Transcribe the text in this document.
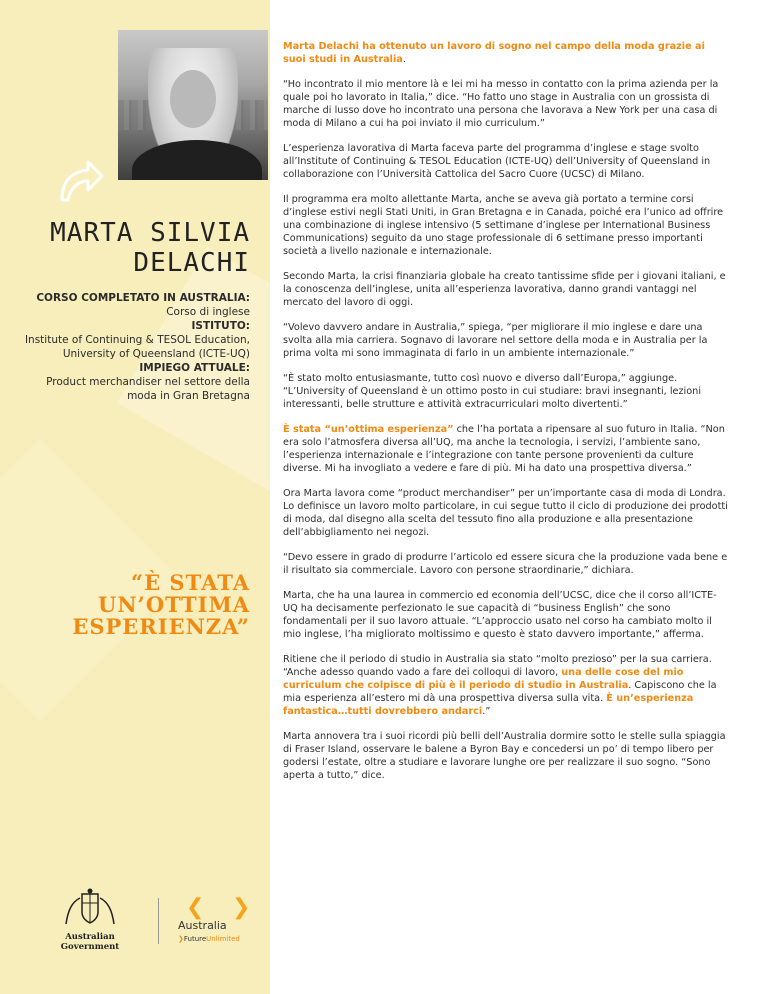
MARTA SILVIA
DELACHI
CORSO COMPLETATO IN AUSTRALIA:
Corso di inglese
ISTITUTO:
Institute of Continuing & TESOL Education, University of Queensland (ICTE-UQ)
IMPIEGO ATTUALE:
Product merchandiser nel settore della moda in Gran Bretagna
“È STATA
UN’OTTIMA
ESPERIENZA”
Australian Government
❮ ❯
Australia
❯FutureUnlimited

Marta Delachi ha ottenuto un lavoro di sogno nel campo della moda grazie ai suoi studi in Australia.

“Ho incontrato il mio mentore là e lei mi ha messo in contatto con la prima azienda per la quale poi ho lavorato in Italia,” dice. “Ho fatto uno stage in Australia con un grossista di marche di lusso dove ho incontrato una persona che lavorava a New York per una casa di moda di Milano a cui ha poi inviato il mio curriculum.”

L’esperienza lavorativa di Marta faceva parte del programma d’inglese e stage svolto all’Institute of Continuing & TESOL Education (ICTE-UQ) dell’University of Queensland in collaborazione con l’Università Cattolica del Sacro Cuore (UCSC) di Milano.

Il programma era molto allettante Marta, anche se aveva già portato a termine corsi d’inglese estivi negli Stati Uniti, in Gran Bretagna e in Canada, poiché era l’unico ad offrire una combinazione di inglese intensivo (5 settimane d’inglese per International Business Communications) seguito da uno stage professionale di 6 settimane presso importanti società a livello nazionale e internazionale.

Secondo Marta, la crisi finanziaria globale ha creato tantissime sfide per i giovani italiani, e la conoscenza dell’inglese, unita all’esperienza lavorativa, danno grandi vantaggi nel mercato del lavoro di oggi.

“Volevo davvero andare in Australia,” spiega, “per migliorare il mio inglese e dare una svolta alla mia carriera. Sognavo di lavorare nel settore della moda e in Australia per la prima volta mi sono immaginata di farlo in un ambiente internazionale.”

“È stato molto entusiasmante, tutto così nuovo e diverso dall’Europa,” aggiunge.
“L’University of Queensland è un ottimo posto in cui studiare: bravi insegnanti, lezioni interessanti, belle strutture e attività extracurriculari molto divertenti.”

È stata “un’ottima esperienza” che l’ha portata a ripensare al suo futuro in Italia. “Non era solo l’atmosfera diversa all’UQ, ma anche la tecnologia, i servizi, l’ambiente sano, l’esperienza internazionale e l’integrazione con tante persone provenienti da culture diverse. Mi ha invogliato a vedere e fare di più. Mi ha dato una prospettiva diversa.”

Ora Marta lavora come “product merchandiser” per un’importante casa di moda di Londra. Lo definisce un lavoro molto particolare, in cui segue tutto il ciclo di produzione dei prodotti di moda, dal disegno alla scelta del tessuto fino alla produzione e alla presentazione dell’abbigliamento nei negozi.

“Devo essere in grado di produrre l’articolo ed essere sicura che la produzione vada bene e il risultato sia commerciale. Lavoro con persone straordinarie,” dichiara.

Marta, che ha una laurea in commercio ed economia dell’UCSC, dice che il corso all’ICTE-UQ ha decisamente perfezionato le sue capacità di “business English” che sono fondamentali per il suo lavoro attuale. “L’approccio usato nel corso ha cambiato molto il mio inglese, l’ha migliorato moltissimo e questo è stato davvero importante,” afferma.

Ritiene che il periodo di studio in Australia sia stato “molto prezioso” per la sua carriera. “Anche adesso quando vado a fare dei colloqui di lavoro, una delle cose del mio curriculum che colpisce di più è il periodo di studio in Australia. Capiscono che la mia esperienza all’estero mi dà una prospettiva diversa sulla vita. È un’esperienza fantastica…tutti dovrebbero andarci.”

Marta annovera tra i suoi ricordi più belli dell’Australia dormire sotto le stelle sulla spiaggia di Fraser Island, osservare le balene a Byron Bay e concedersi un po’ di tempo libero per godersi l’estate, oltre a studiare e lavorare lunghe ore per realizzare il suo sogno. “Sono aperta a tutto,” dice.
